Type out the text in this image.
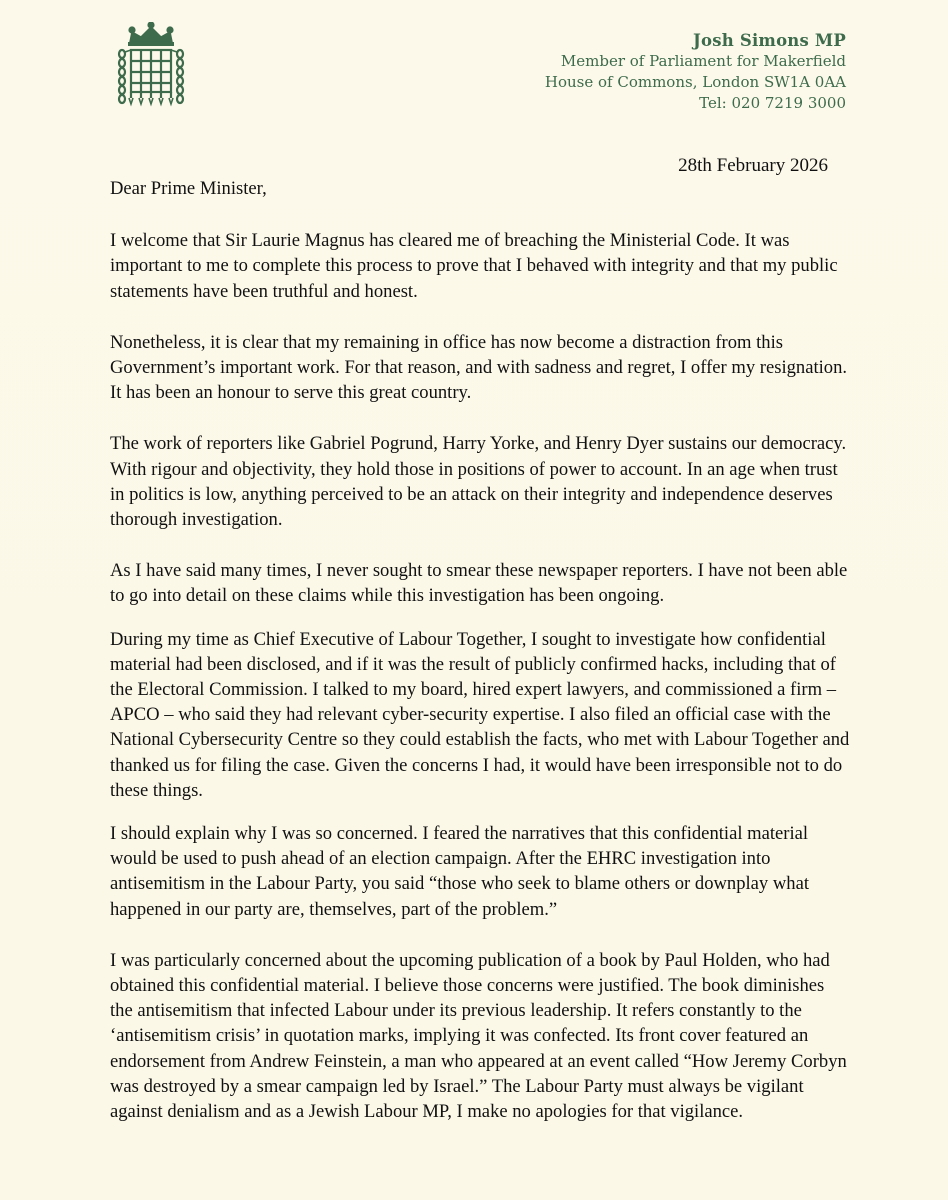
Josh Simons MP
Member of Parliament for Makerfield
House of Commons, London SW1A 0AA
Tel: 020 7219 3000
28th February 2026

Dear Prime Minister,

I welcome that Sir Laurie Magnus has cleared me of breaching the Ministerial Code. It was important to me to complete this process to prove that I behaved with integrity and that my public statements have been truthful and honest.

Nonetheless, it is clear that my remaining in office has now become a distraction from this Government’s important work. For that reason, and with sadness and regret, I offer my resignation. It has been an honour to serve this great country.

The work of reporters like Gabriel Pogrund, Harry Yorke, and Henry Dyer sustains our democracy. With rigour and objectivity, they hold those in positions of power to account. In an age when trust in politics is low, anything perceived to be an attack on their integrity and independence deserves thorough investigation.

As I have said many times, I never sought to smear these newspaper reporters. I have not been able to go into detail on these claims while this investigation has been ongoing.

During my time as Chief Executive of Labour Together, I sought to investigate how confidential material had been disclosed, and if it was the result of publicly confirmed hacks, including that of the Electoral Commission. I talked to my board, hired expert lawyers, and commissioned a firm – APCO – who said they had relevant cyber-security expertise. I also filed an official case with the National Cybersecurity Centre so they could establish the facts, who met with Labour Together and thanked us for filing the case. Given the concerns I had, it would have been irresponsible not to do these things.

I should explain why I was so concerned. I feared the narratives that this confidential material would be used to push ahead of an election campaign. After the EHRC investigation into antisemitism in the Labour Party, you said “those who seek to blame others or downplay what happened in our party are, themselves, part of the problem.”

I was particularly concerned about the upcoming publication of a book by Paul Holden, who had obtained this confidential material. I believe those concerns were justified. The book diminishes the antisemitism that infected Labour under its previous leadership. It refers constantly to the ‘antisemitism crisis’ in quotation marks, implying it was confected. Its front cover featured an endorsement from Andrew Feinstein, a man who appeared at an event called “How Jeremy Corbyn was destroyed by a smear campaign led by Israel.” The Labour Party must always be vigilant against denialism and as a Jewish Labour MP, I make no apologies for that vigilance.
